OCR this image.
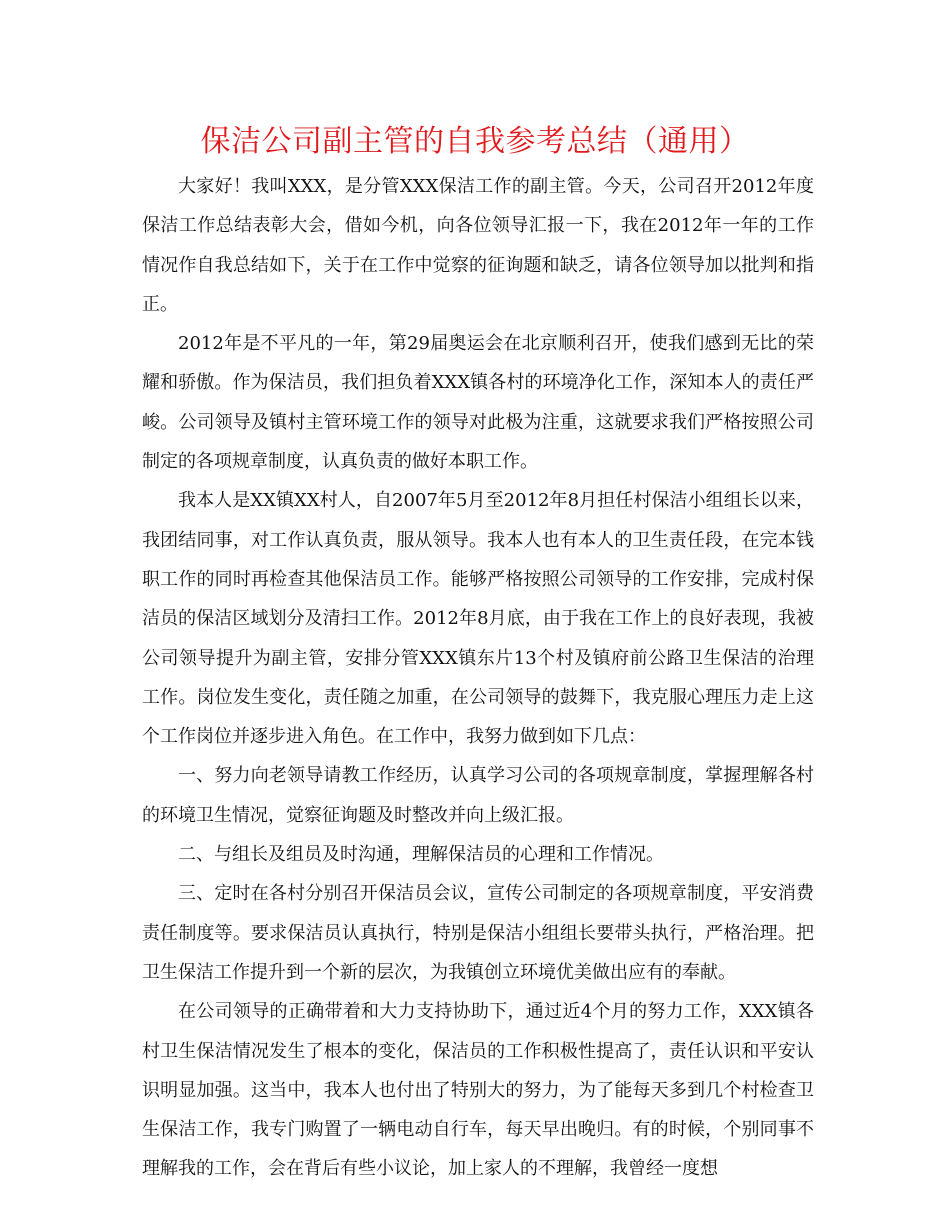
保洁公司副主管的自我参考总结（通用）

大家好！我叫XXX，是分管XXX保洁工作的副主管。今天，公司召开2012年度保洁工作总结表彰大会，借如今机，向各位领导汇报一下，我在2012年一年的工作情况作自我总结如下，关于在工作中觉察的征询题和缺乏，请各位领导加以批判和指正。

2012年是不平凡的一年，第29届奥运会在北京顺利召开，使我们感到无比的荣耀和骄傲。作为保洁员，我们担负着XXX镇各村的环境净化工作，深知本人的责任严峻。公司领导及镇村主管环境工作的领导对此极为注重，这就要求我们严格按照公司制定的各项规章制度，认真负责的做好本职工作。

我本人是XX镇XX村人，自2007年5月至2012年8月担任村保洁小组组长以来，我团结同事，对工作认真负责，服从领导。我本人也有本人的卫生责任段，在完本钱职工作的同时再检查其他保洁员工作。能够严格按照公司领导的工作安排，完成村保洁员的保洁区域划分及清扫工作。2012年8月底，由于我在工作上的良好表现，我被公司领导提升为副主管，安排分管XXX镇东片13个村及镇府前公路卫生保洁的治理工作。岗位发生变化，责任随之加重，在公司领导的鼓舞下，我克服心理压力走上这个工作岗位并逐步进入角色。在工作中，我努力做到如下几点：

一、努力向老领导请教工作经历，认真学习公司的各项规章制度，掌握理解各村的环境卫生情况，觉察征询题及时整改并向上级汇报。

二、与组长及组员及时沟通，理解保洁员的心理和工作情况。

三、定时在各村分别召开保洁员会议，宣传公司制定的各项规章制度，平安消费责任制度等。要求保洁员认真执行，特别是保洁小组组长要带头执行，严格治理。把卫生保洁工作提升到一个新的层次，为我镇创立环境优美做出应有的奉献。

在公司领导的正确带着和大力支持协助下，通过近4个月的努力工作，XXX镇各村卫生保洁情况发生了根本的变化，保洁员的工作积极性提高了，责任认识和平安认识明显加强。这当中，我本人也付出了特别大的努力，为了能每天多到几个村检查卫生保洁工作，我专门购置了一辆电动自行车，每天早出晚归。有的时候，个别同事不理解我的工作，会在背后有些小议论，加上家人的不理解，我曾经一度想
